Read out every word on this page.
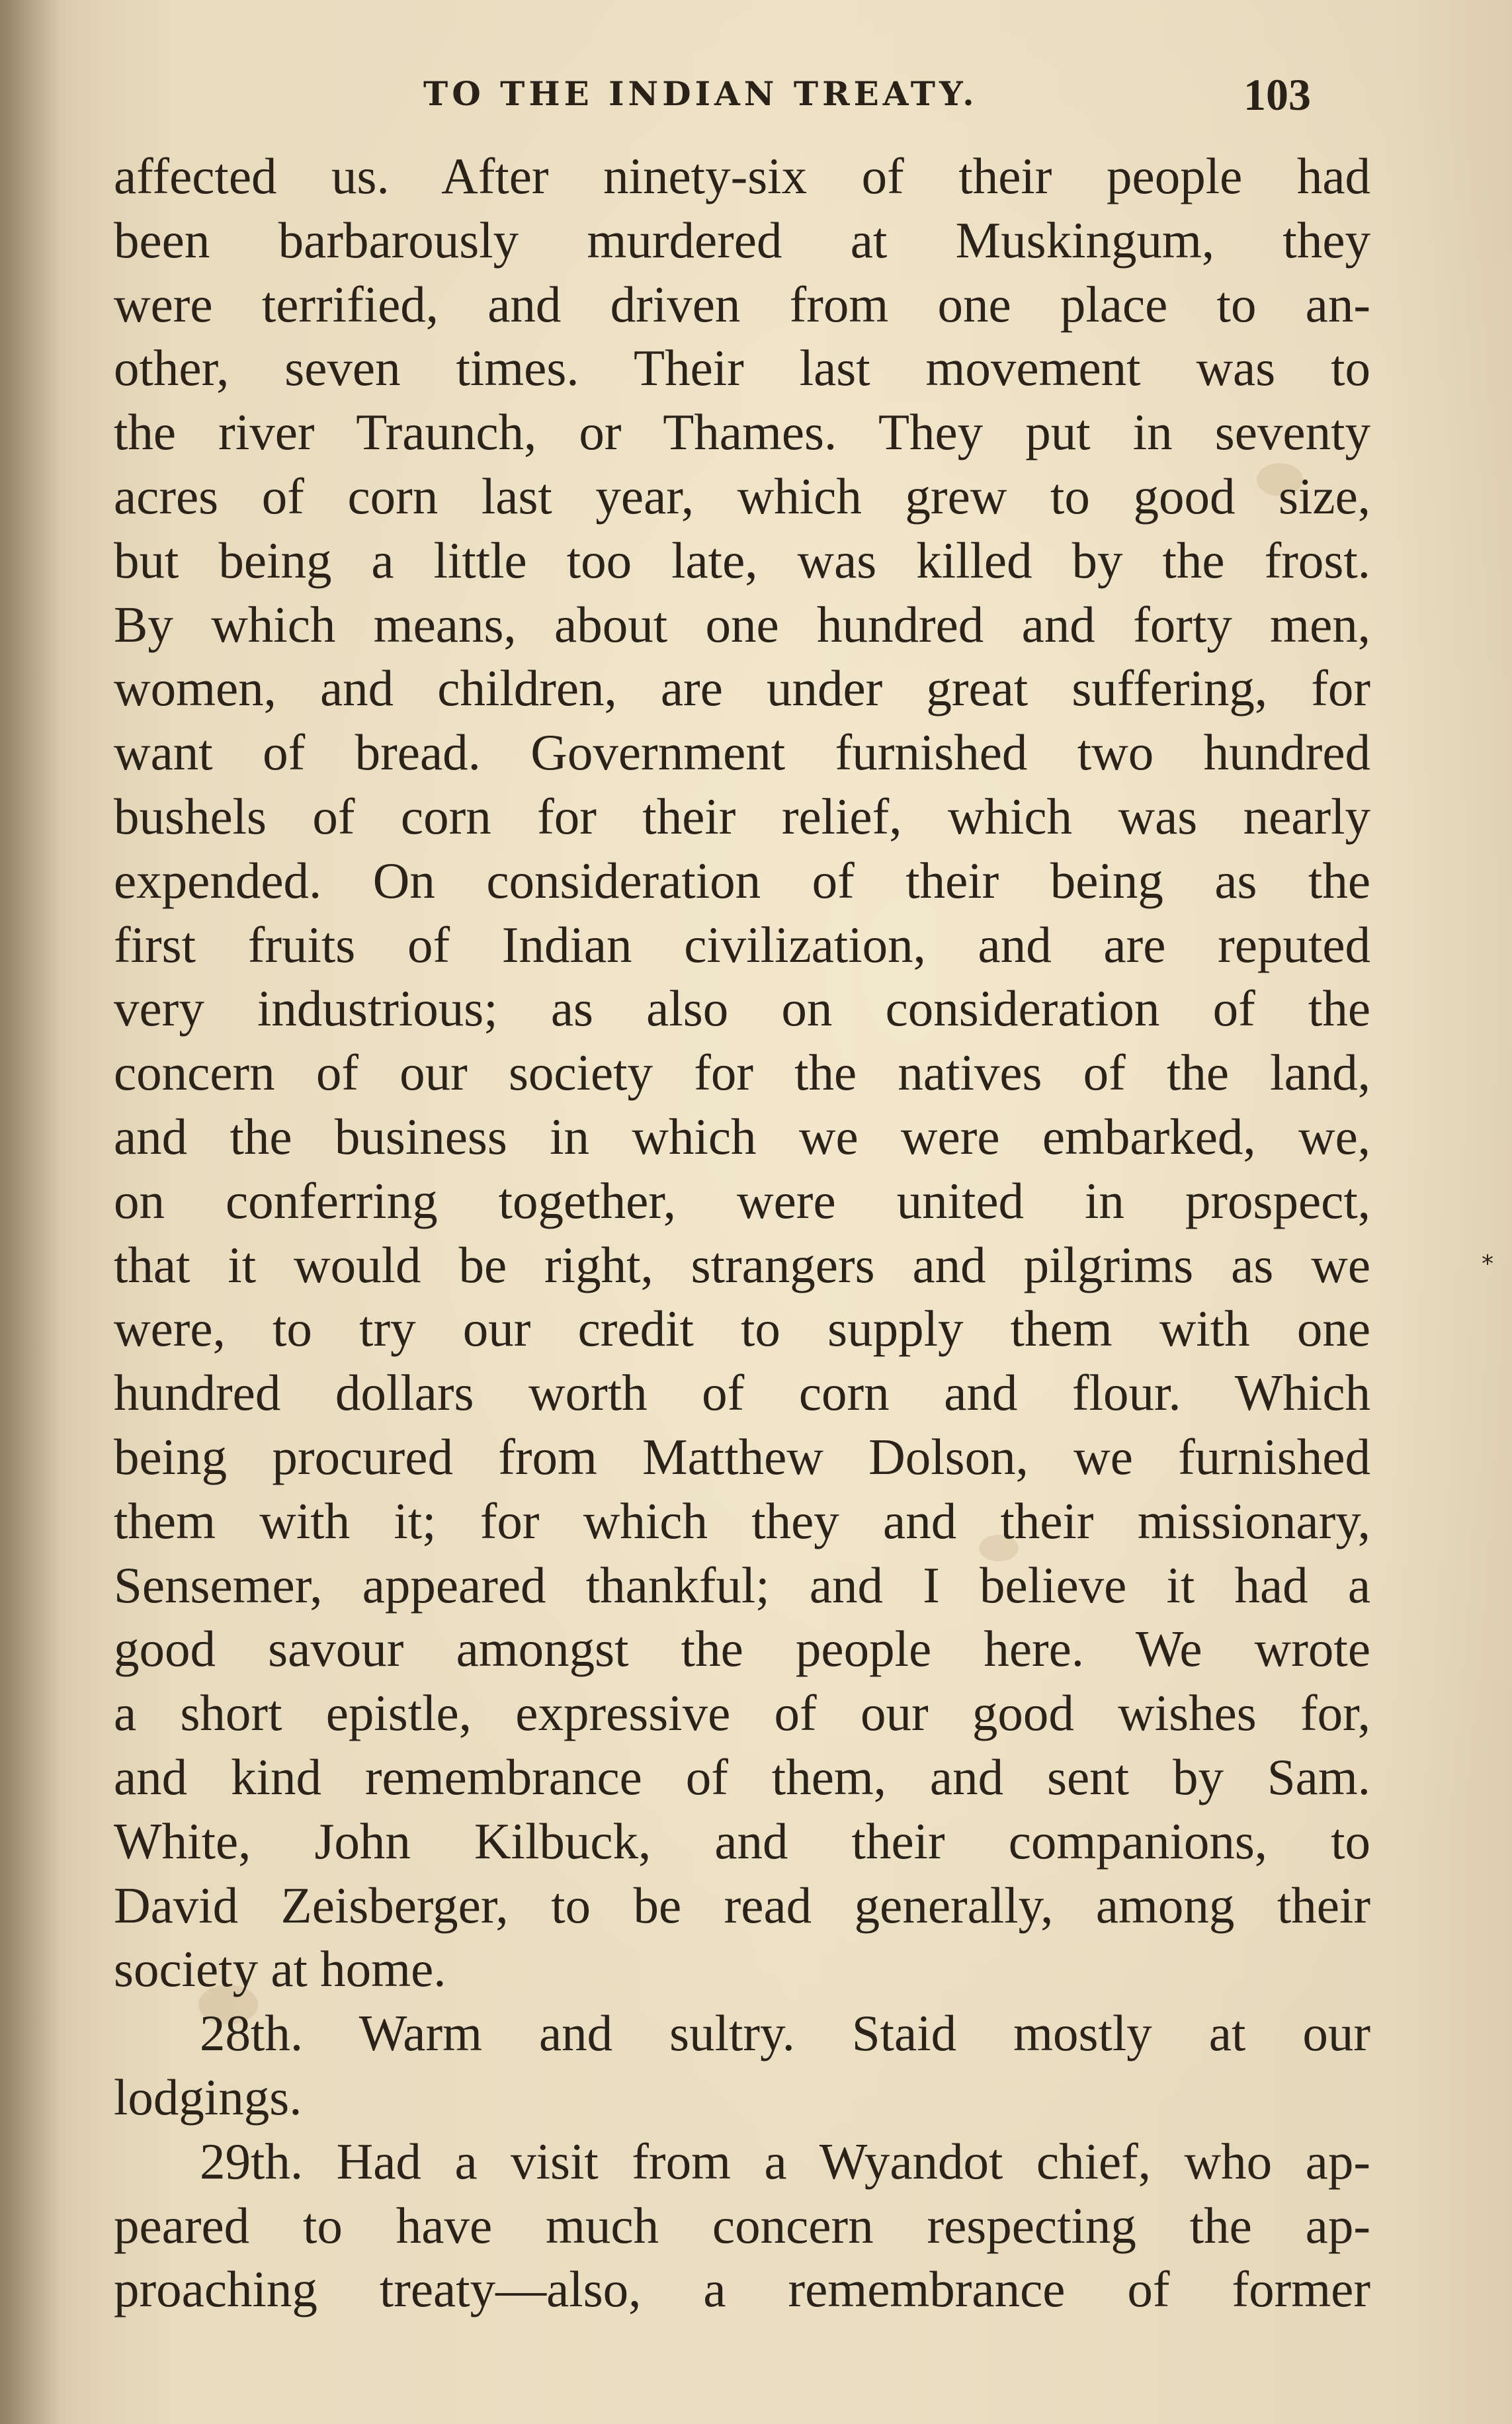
TO THE INDIAN TREATY.	103
affected us. After ninety-six of their people had
been barbarously murdered at Muskingum, they
were terrified, and driven from one place to an-
other, seven times. Their last movement was to
the river Traunch, or Thames. They put in seventy
acres of corn last year, which grew to good size,
but being a little too late, was killed by the frost.
By which means, about one hundred and forty men,
women, and children, are under great suffering, for
want of bread. Government furnished two hundred
bushels of corn for their relief, which was nearly
expended. On consideration of their being as the
first fruits of Indian civilization, and are reputed
very industrious; as also on consideration of the
concern of our society for the natives of the land,
and the business in which we were embarked, we,
on conferring together, were united in prospect,
that it would be right, strangers and pilgrims as we
were, to try our credit to supply them with one
hundred dollars worth of corn and flour. Which
being procured from Matthew Dolson, we furnished
them with it; for which they and their missionary,
Sensemer, appeared thankful; and I believe it had a
good savour amongst the people here. We wrote
a short epistle, expressive of our good wishes for,
and kind remembrance of them, and sent by Sam.
White, John Kilbuck, and their companions, to
David Zeisberger, to be read generally, among their
society at home.
28th. Warm and sultry. Staid mostly at our
lodgings.
29th. Had a visit from a Wyandot chief, who ap-
peared to have much concern respecting the ap-
proaching treaty—also, a remembrance of former
*
